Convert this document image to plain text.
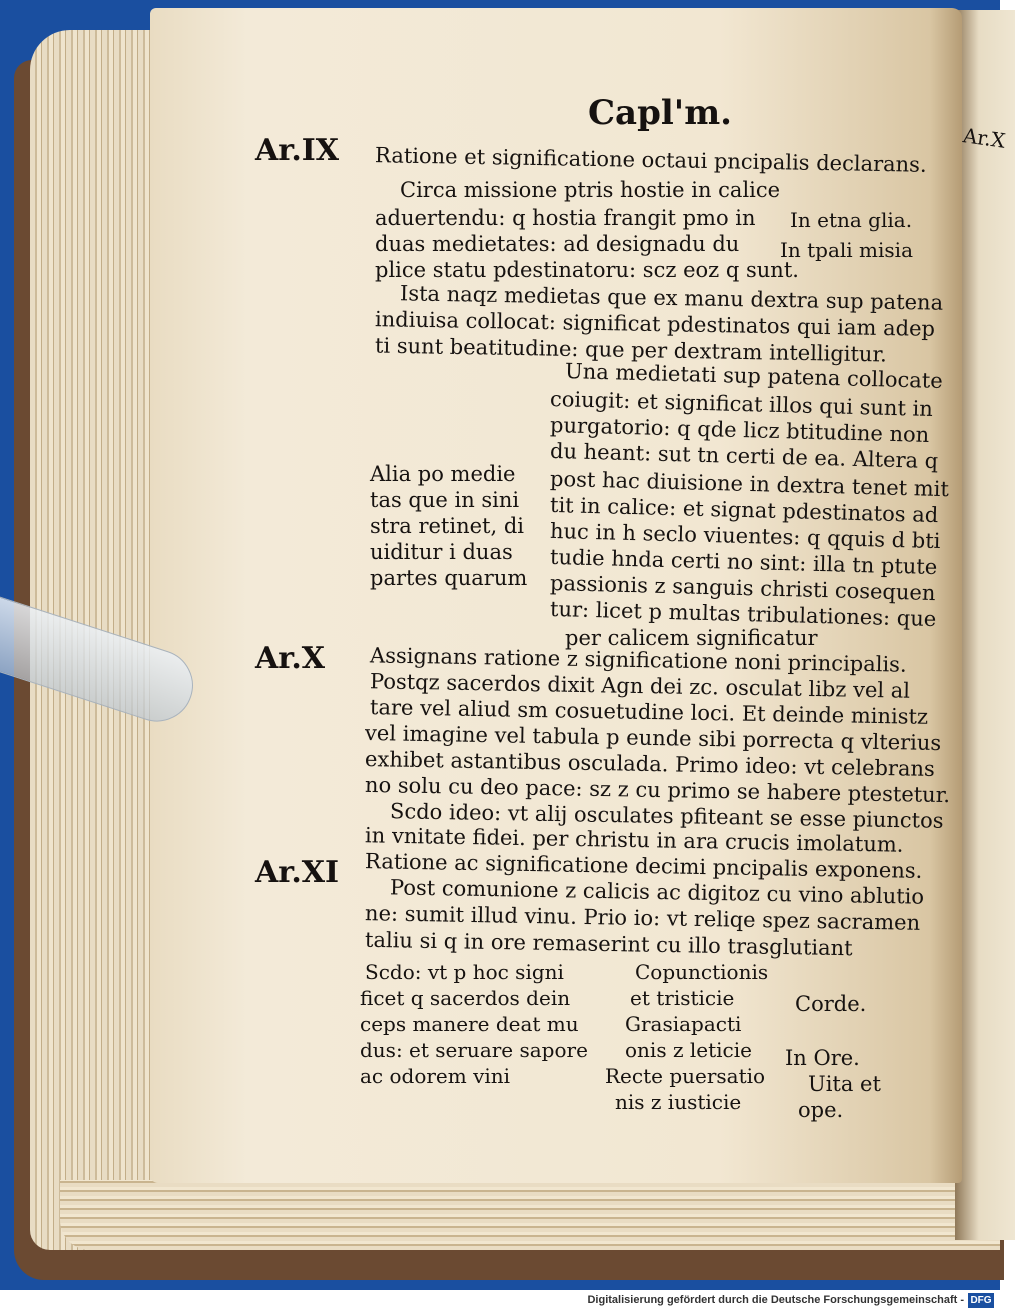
Ar.X
Capl'm.
Ar.IX Ratione et significatione octaui pncipalis declarans.
Circa missione ptris hostie in calice
aduertendu: q hostia frangit pmo in
duas medietates: ad designadu du
plice statu pdestinatoru: scz eoz q sunt.
Ista naqz medietas que ex manu dextra sup patena
indiuisa collocat: significat pdestinatos qui iam adep
ti sunt beatitudine: que per dextram intelligitur.
Una medietati sup patena collocate
coiugit: et significat illos qui sunt in
purgatorio: q qde licz btitudine non
du heant: sut tn certi de ea. Altera q
post hac diuisione in dextra tenet mit
tit in calice: et signat pdestinatos ad
huc in h seclo viuentes: q qquis d bti
tudie hnda certi no sint: illa tn ptute
passionis z sanguis christi cosequen
tur: licet p multas tribulationes: que
per calicem significatur
In etna glia.
In tpali misia
Alia po medie
tas que in sini
stra retinet, di
uiditur i duas
partes quarum
Ar.X Assignans ratione z significatione noni principalis.
Postqz sacerdos dixit Agn dei zc. osculat libz vel al
tare vel aliud sm cosuetudine loci. Et deinde ministz
vel imagine vel tabula p eunde sibi porrecta q vlterius
exhibet astantibus osculada. Primo ideo: vt celebrans
no solu cu deo pace: sz z cu primo se habere ptestetur.
Scdo ideo: vt alij osculates pfiteant se esse piunctos
in vnitate fidei. per christu in ara crucis imolatum.
Ar.XI Ratione ac significatione decimi pncipalis exponens.
Post comunione z calicis ac digitoz cu vino ablutio
ne: sumit illud vinu. Prio io: vt reliqe spez sacramen
taliu si q in ore remaserint cu illo trasglutiant
Scdo: vt p hoc signi
ficet q sacerdos dein
ceps manere deat mu
dus: et seruare sapore
ac odorem vini
Copunctionis
et tristicie
Grasiapacti
onis z leticie
Recte puersatio
nis z iusticie
Corde.
In Ore.
Uita et
ope.
Digitalisierung gefördert durch die Deutsche Forschungsgemeinschaft - DFG
